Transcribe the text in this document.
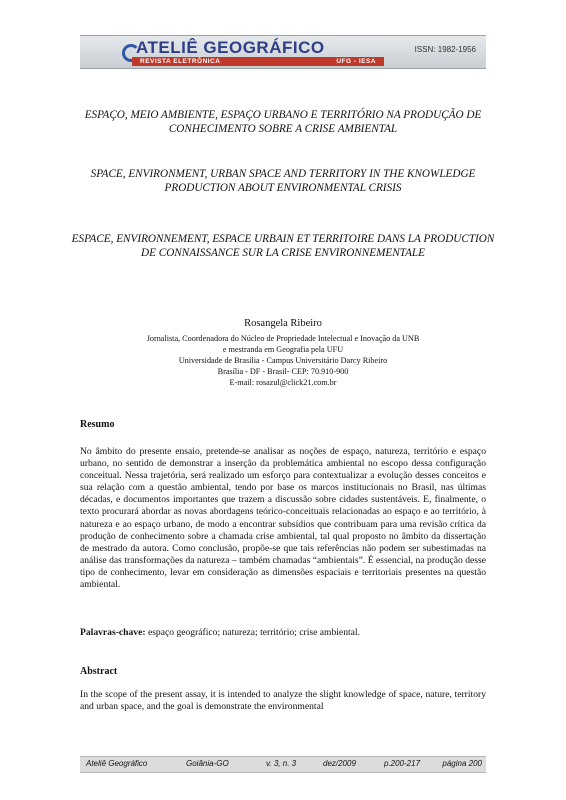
ATELIÊ GEOGRÁFICO
REVISTA ELETRÔNICA	UFG - IESA
ISSN: 1982-1956
ESPAÇO, MEIO AMBIENTE, ESPAÇO URBANO E TERRITÓRIO NA PRODUÇÃO DE CONHECIMENTO SOBRE A CRISE AMBIENTAL
SPACE, ENVIRONMENT, URBAN SPACE AND TERRITORY IN THE KNOWLEDGE PRODUCTION ABOUT ENVIRONMENTAL CRISIS
ESPACE, ENVIRONNEMENT, ESPACE URBAIN ET TERRITOIRE DANS LA PRODUCTION DE CONNAISSANCE SUR LA CRISE ENVIRONNEMENTALE
Rosangela Ribeiro
Jornalista, Coordenadora do Núcleo de Propriedade Intelectual e Inovação da UNB
e mestranda em Geografia pela UFU
Universidade de Brasília - Campus Universitário Darcy Ribeiro
Brasília - DF - Brasil- CEP: 70.910-900
E-mail: rosazul@click21.com.br
Resumo
No âmbito do presente ensaio, pretende-se analisar as noções de espaço, natureza, território e espaço urbano, no sentido de demonstrar a inserção da problemática ambiental no escopo dessa configuração conceitual. Nessa trajetória, será realizado um esforço para contextualizar a evolução desses conceitos e sua relação com a questão ambiental, tendo por base os marcos institucionais no Brasil, nas últimas décadas, e documentos importantes que trazem a discussão sobre cidades sustentáveis. E, finalmente, o texto procurará abordar as novas abordagens teórico-conceituais relacionadas ao espaço e ao território, à natureza e ao espaço urbano, de modo a encontrar subsídios que contribuam para uma revisão crítica da produção de conhecimento sobre a chamada crise ambiental, tal qual proposto no âmbito da dissertação de mestrado da autora. Como conclusão, propõe-se que tais referências não podem ser subestimadas na análise das transformações da natureza – também chamadas “ambientais”. É essencial, na produção desse tipo de conhecimento, levar em consideração as dimensões espaciais e territoriais presentes na questão ambiental.
Palavras-chave: espaço geográfico; natureza; território; crise ambiental.
Abstract
In the scope of the present assay, it is intended to analyze the slight knowledge of space, nature, territory and urban space, and the goal is demonstrate the environmental
Ateliê Geográfico	Goiânia-GO	v. 3, n. 3	dez/2009	p.200-217	página 200
